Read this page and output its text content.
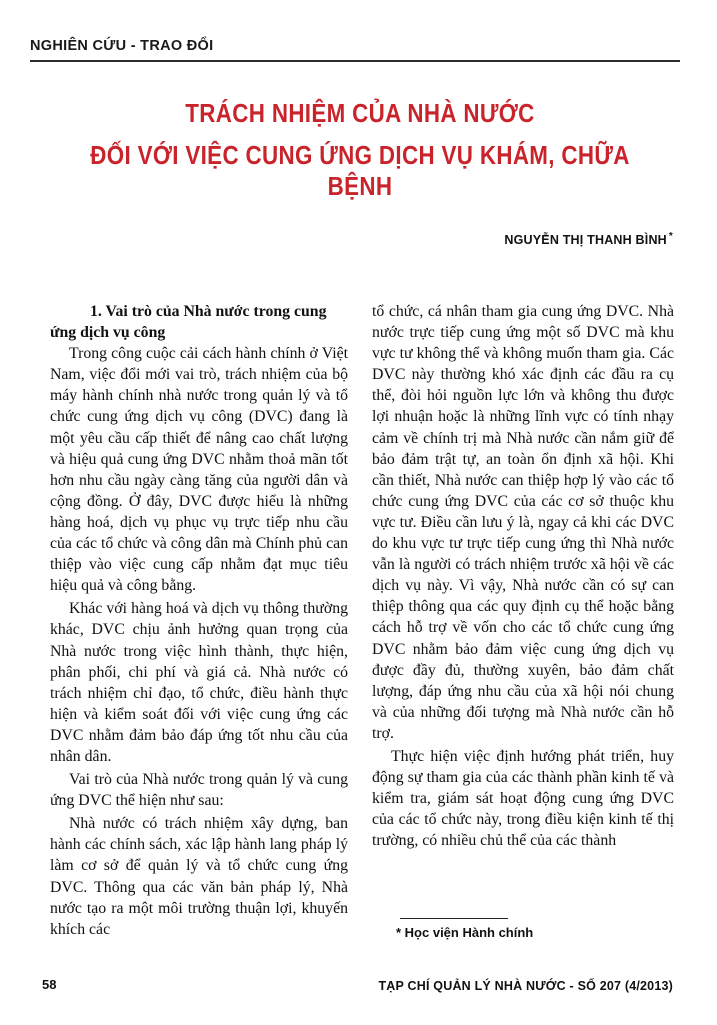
NGHIÊN CỨU - TRAO ĐỔI
TRÁCH NHIỆM CỦA NHÀ NƯỚC
ĐỐI VỚI VIỆC CUNG ỨNG DỊCH VỤ KHÁM, CHỮA BỆNH
NGUYỄN THỊ THANH BÌNH *
1. Vai trò của Nhà nước trong cung ứng dịch vụ công

Trong công cuộc cải cách hành chính ở Việt Nam, việc đổi mới vai trò, trách nhiệm của bộ máy hành chính nhà nước trong quản lý và tổ chức cung ứng dịch vụ công (DVC) đang là một yêu cầu cấp thiết để nâng cao chất lượng và hiệu quả cung ứng DVC nhằm thoả mãn tốt hơn nhu cầu ngày càng tăng của người dân và cộng đồng. Ở đây, DVC được hiểu là những hàng hoá, dịch vụ phục vụ trực tiếp nhu cầu của các tổ chức và công dân mà Chính phủ can thiệp vào việc cung cấp nhằm đạt mục tiêu hiệu quả và công bằng.

Khác với hàng hoá và dịch vụ thông thường khác, DVC chịu ảnh hưởng quan trọng của Nhà nước trong việc hình thành, thực hiện, phân phối, chi phí và giá cả. Nhà nước có trách nhiệm chỉ đạo, tổ chức, điều hành thực hiện và kiểm soát đối với việc cung ứng các DVC nhằm đảm bảo đáp ứng tốt nhu cầu của nhân dân.

Vai trò của Nhà nước trong quản lý và cung ứng DVC thể hiện như sau:

Nhà nước có trách nhiệm xây dựng, ban hành các chính sách, xác lập hành lang pháp lý làm cơ sở để quản lý và tổ chức cung ứng DVC. Thông qua các văn bản pháp lý, Nhà nước tạo ra một môi trường thuận lợi, khuyến khích các

tổ chức, cá nhân tham gia cung ứng DVC. Nhà nước trực tiếp cung ứng một số DVC mà khu vực tư không thể và không muốn tham gia. Các DVC này thường khó xác định các đầu ra cụ thể, đòi hỏi nguồn lực lớn và không thu được lợi nhuận hoặc là những lĩnh vực có tính nhạy cảm về chính trị mà Nhà nước cần nắm giữ để bảo đảm trật tự, an toàn ổn định xã hội. Khi cần thiết, Nhà nước can thiệp hợp lý vào các tổ chức cung ứng DVC của các cơ sở thuộc khu vực tư. Điều cần lưu ý là, ngay cả khi các DVC do khu vực tư trực tiếp cung ứng thì Nhà nước vẫn là người có trách nhiệm trước xã hội về các dịch vụ này. Vì vậy, Nhà nước cần có sự can thiệp thông qua các quy định cụ thể hoặc bằng cách hỗ trợ về vốn cho các tổ chức cung ứng DVC nhằm bảo đảm việc cung ứng dịch vụ được đầy đủ, thường xuyên, bảo đảm chất lượng, đáp ứng nhu cầu của xã hội nói chung và của những đối tượng mà Nhà nước cần hỗ trợ.

Thực hiện việc định hướng phát triển, huy động sự tham gia của các thành phần kinh tế và kiểm tra, giám sát hoạt động cung ứng DVC của các tổ chức này, trong điều kiện kinh tế thị trường, có nhiều chủ thể của các thành

* Học viện Hành chính
58	TẠP CHÍ QUẢN LÝ NHÀ NƯỚC - SỐ 207 (4/2013)
